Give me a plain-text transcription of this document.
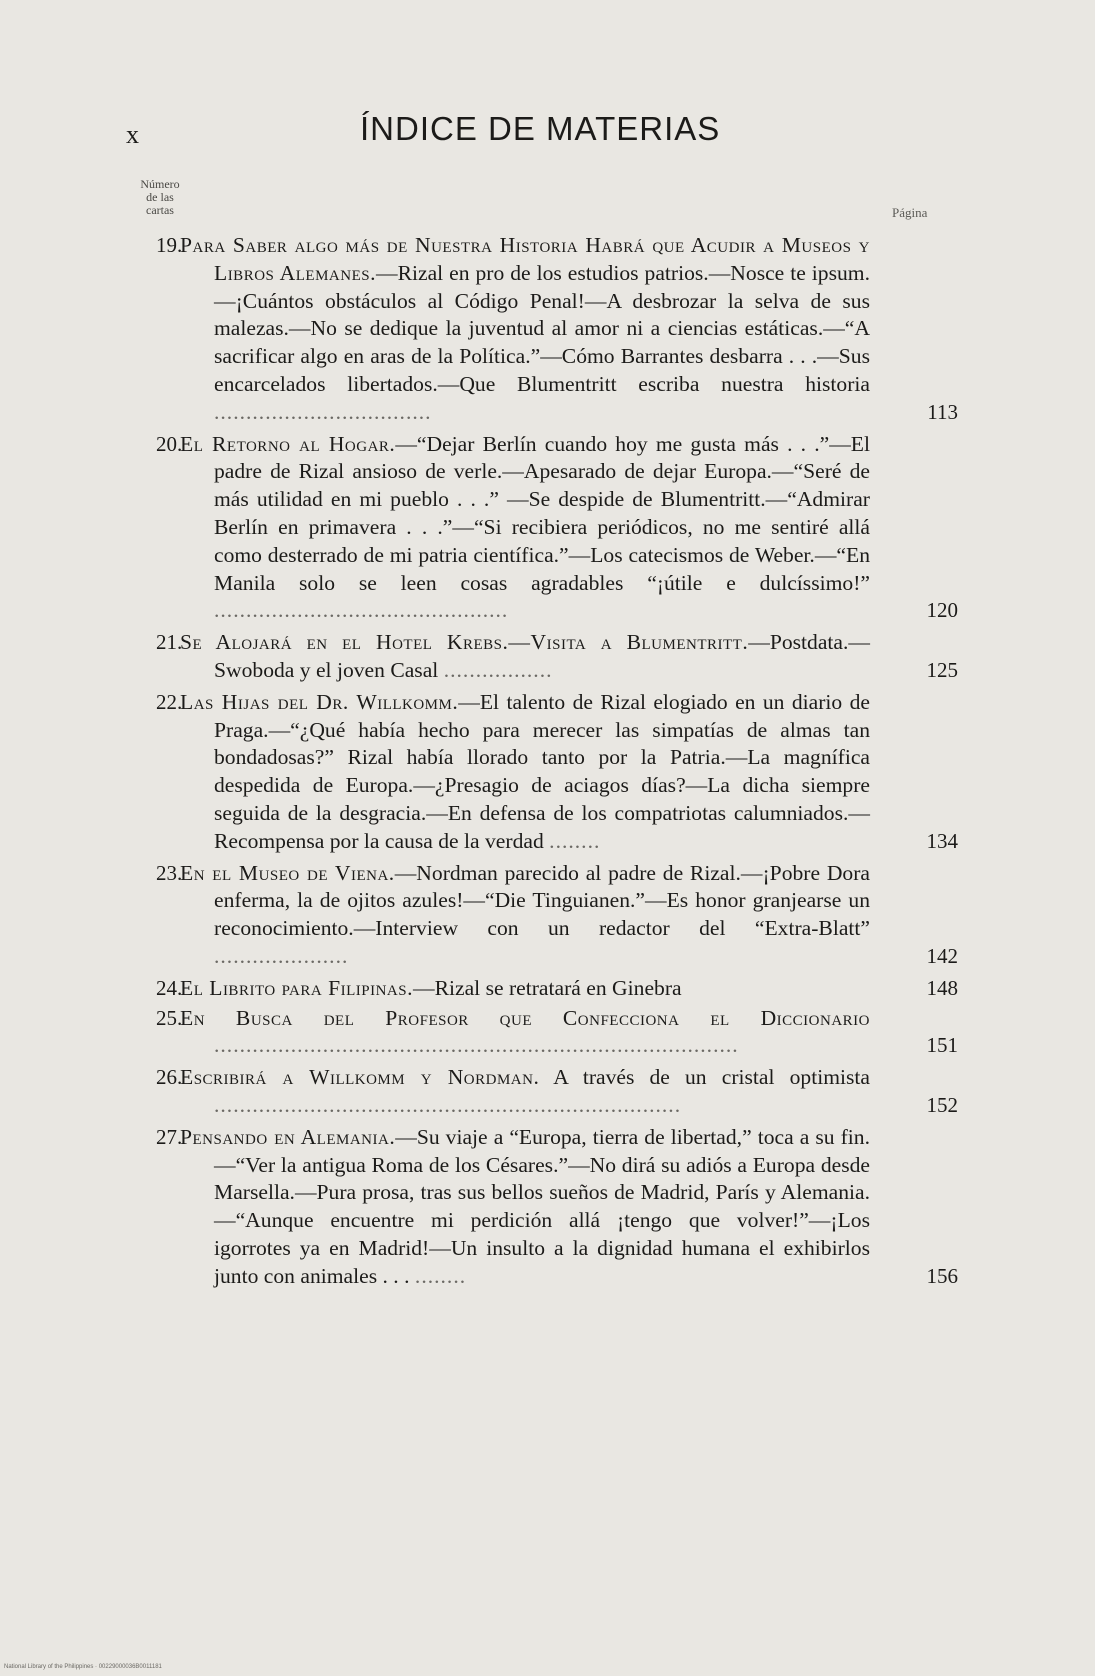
x	ÍNDICE DE MATERIAS
Número
de las
cartas	Página
19.
Para Saber algo más de Nuestra Historia Habrá que Acudir a Museos y Libros Alemanes.—Rizal en pro de los estudios patrios.—Nosce te ipsum.—¡Cuántos obstáculos al Código Penal!—A desbrozar la selva de sus malezas.—No se dedique la juventud al amor ni a ciencias estáticas.—“A sacrificar algo en aras de la Política.”—Cómo Barrantes desbarra . . .—Sus encarcelados libertados.—Que Blumentritt escriba nuestra historia ..................................	113
20.
El Retorno al Hogar.—“Dejar Berlín cuando hoy me gusta más . . .”—El padre de Rizal ansioso de verle.—Apesarado de dejar Europa.—“Seré de más utilidad en mi pueblo . . .” —Se despide de Blumentritt.—“Admirar Berlín en primavera . . .”—“Si recibiera periódicos, no me sentiré allá como desterrado de mi patria científica.”—Los catecismos de Weber.—“En Manila solo se leen cosas agradables “¡útile e dulcíssimo!” ..............................................	120
21.
Se Alojará en el Hotel Krebs.—Visita a Blumentritt.—Postdata.—Swoboda y el joven Casal .................	125
22.
Las Hijas del Dr. Willkomm.—El talento de Rizal elogiado en un diario de Praga.—“¿Qué había hecho para merecer las simpatías de almas tan bondadosas?” Rizal había llorado tanto por la Patria.—La magnífica despedida de Europa.—¿Presagio de aciagos días?—La dicha siempre seguida de la desgracia.—En defensa de los compatriotas calumniados.—Recompensa por la causa de la verdad ........	134
23.
En el Museo de Viena.—Nordman parecido al padre de Rizal.—¡Pobre Dora enferma, la de ojitos azules!—“Die Tinguianen.”—Es honor granjearse un reconocimiento.—Interview con un redactor del “Extra-Blatt” .....................	142
24.
El Librito para Filipinas.—Rizal se retratará en Ginebra	148
25.
En Busca del Profesor que Confecciona el Diccionario ..................................................................................	151
26.
Escribirá a Willkomm y Nordman. A través de un cristal optimista .........................................................................	152
27.
Pensando en Alemania.—Su viaje a “Europa, tierra de libertad,” toca a su fin.—“Ver la antigua Roma de los Césares.”—No dirá su adiós a Europa desde Marsella.—Pura prosa, tras sus bellos sueños de Madrid, París y Alemania.—“Aunque encuentre mi perdición allá ¡tengo que volver!”—¡Los igorrotes ya en Madrid!—Un insulto a la dignidad humana el exhibirlos junto con animales . . . ........	156
National Library of the Philippines · 00229000036B0011181
